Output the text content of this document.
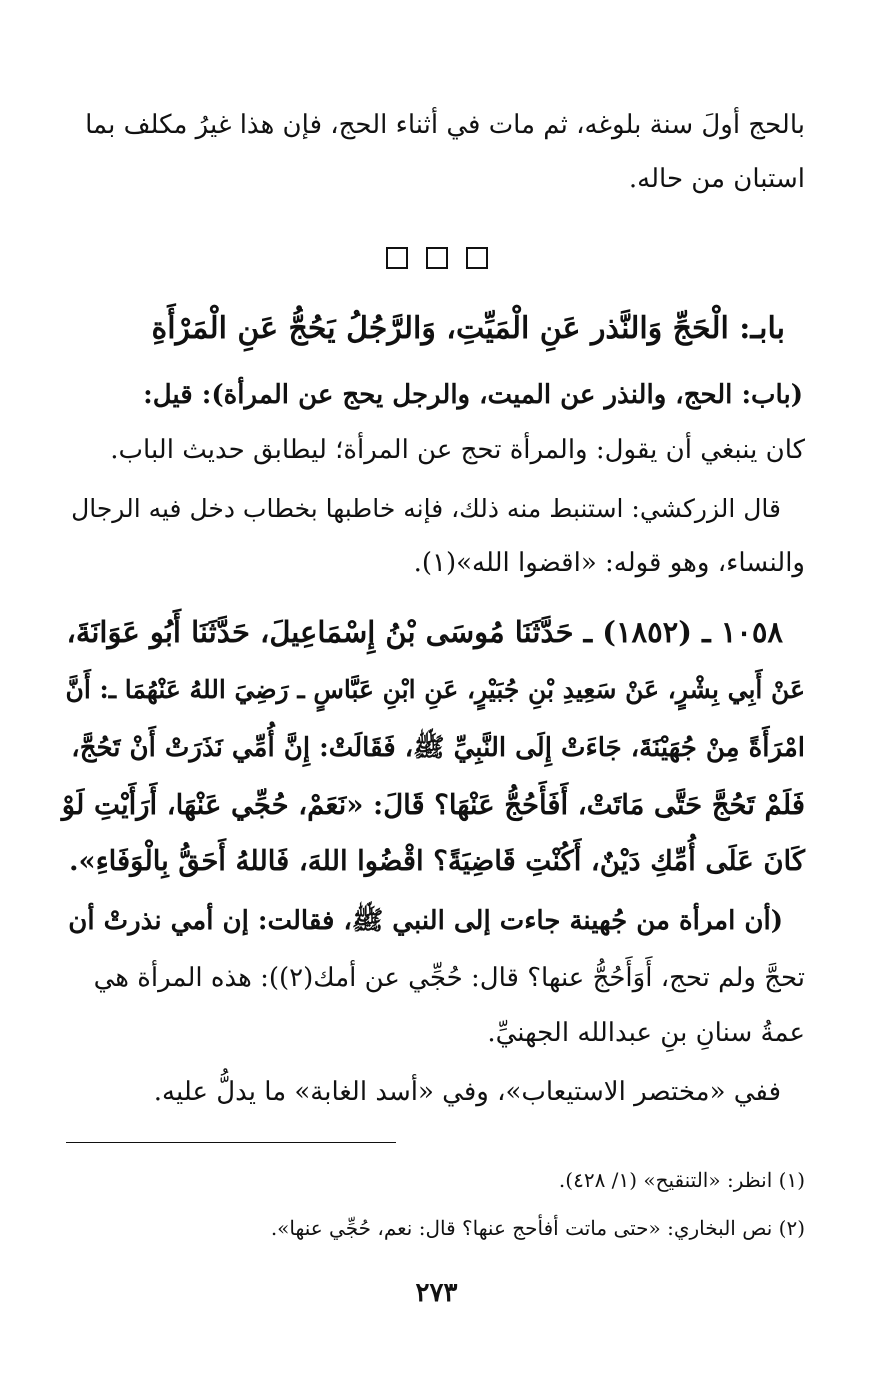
بالحج أولَ سنة بلوغه، ثم مات في أثناء الحج، فإن هذا غيرُ مكلف بما
استبان من حاله.
بابـ: الْحَجِّ وَالنَّذر عَنِ الْمَيِّتِ، وَالرَّجُلُ يَحُجُّ عَنِ الْمَرْأَةِ
(باب: الحج، والنذر عن الميت، والرجل يحج عن المرأة): قيل:
كان ينبغي أن يقول: والمرأة تحج عن المرأة؛ ليطابق حديث الباب.
قال الزركشي: استنبط منه ذلك، فإنه خاطبها بخطاب دخل فيه الرجال
والنساء، وهو قوله: «اقضوا الله»(١).
١٠٥٨ ـ (١٨٥٢) ـ حَدَّثَنَا مُوسَى بْنُ إِسْمَاعِيلَ، حَدَّثَنَا أَبُو عَوَانَةَ،
عَنْ أَبِي بِشْرٍ، عَنْ سَعِيدِ بْنِ جُبَيْرٍ، عَنِ ابْنِ عَبَّاسٍ ـ رَضِيَ اللهُ عَنْهُمَا ـ: أَنَّ
امْرَأَةً مِنْ جُهَيْنَةَ، جَاءَتْ إِلَى النَّبِيِّ ﷺ، فَقَالَتْ: إِنَّ أُمِّي نَذَرَتْ أَنْ تَحُجَّ،
فَلَمْ تَحُجَّ حَتَّى مَاتَتْ، أَفَأَحُجُّ عَنْهَا؟ قَالَ: «نَعَمْ، حُجِّي عَنْهَا، أَرَأَيْتِ لَوْ
كَانَ عَلَى أُمِّكِ دَيْنٌ، أَكُنْتِ قَاضِيَةً؟ اقْضُوا اللهَ، فَاللهُ أَحَقُّ بِالْوَفَاءِ».
(أن امرأة من جُهينة جاءت إلى النبي ﷺ، فقالت: إن أمي نذرتْ أن
تحجَّ ولم تحج، أَوَأَحُجُّ عنها؟ قال: حُجِّي عن أمك(٢)): هذه المرأة هي
عمةُ سنانِ بنِ عبدالله الجهنيِّ.
ففي «مختصر الاستيعاب»، وفي «أسد الغابة» ما يدلُّ عليه.
(١) انظر: «التنقيح» (١/ ٤٢٨).
(٢) نص البخاري: «حتى ماتت أفأحج عنها؟ قال: نعم، حُجِّي عنها».
٢٧٣
